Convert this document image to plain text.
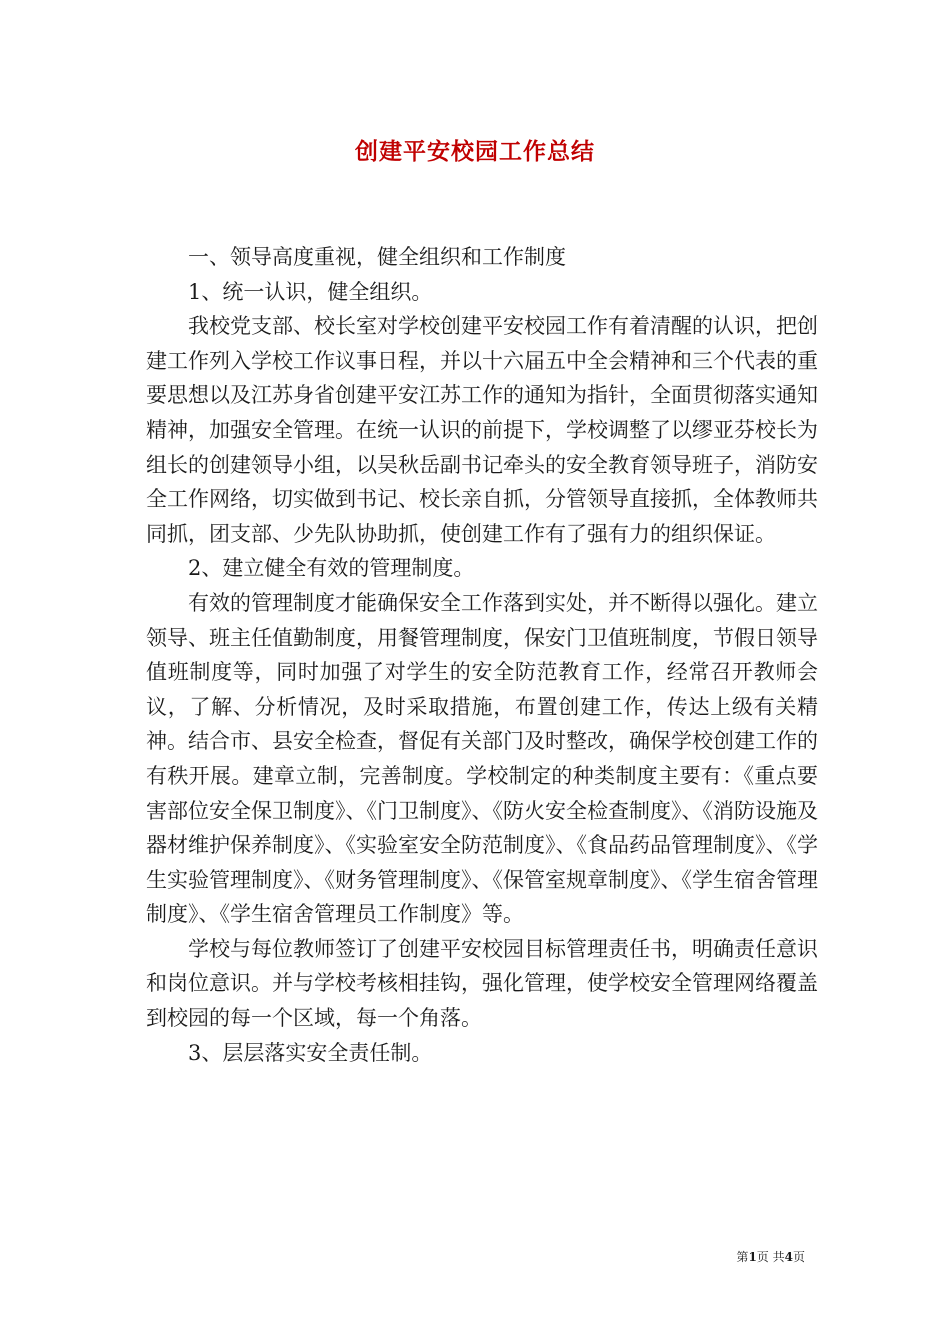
创建平安校园工作总结

一、领导高度重视，健全组织和工作制度

1、统一认识，健全组织。

我校党支部、校长室对学校创建平安校园工作有着清醒的认识，把创建工作列入学校工作议事日程，并以十六届五中全会精神和三个代表的重要思想以及江苏身省创建平安江苏工作的通知为指针，全面贯彻落实通知精神，加强安全管理。在统一认识的前提下，学校调整了以缪亚芬校长为组长的创建领导小组，以吴秋岳副书记牵头的安全教育领导班子，消防安全工作网络，切实做到书记、校长亲自抓，分管领导直接抓，全体教师共同抓，团支部、少先队协助抓，使创建工作有了强有力的组织保证。

2、建立健全有效的管理制度。

有效的管理制度才能确保安全工作落到实处，并不断得以强化。建立领导、班主任值勤制度，用餐管理制度，保安门卫值班制度，节假日领导值班制度等，同时加强了对学生的安全防范教育工作，经常召开教师会议，了解、分析情况，及时采取措施，布置创建工作，传达上级有关精神。结合市、县安全检查，督促有关部门及时整改，确保学校创建工作的有秩开展。建章立制，完善制度。学校制定的种类制度主要有：《重点要害部位安全保卫制度》、《门卫制度》、《防火安全检查制度》、《消防设施及器材维护保养制度》、《实验室安全防范制度》、《食品药品管理制度》、《学生实验管理制度》、《财务管理制度》、《保管室规章制度》、《学生宿舍管理制度》、《学生宿舍管理员工作制度》等。

学校与每位教师签订了创建平安校园目标管理责任书，明确责任意识和岗位意识。并与学校考核相挂钩，强化管理，使学校安全管理网络覆盖到校园的每一个区域，每一个角落。

3、层层落实安全责任制。

第1页 共4页
